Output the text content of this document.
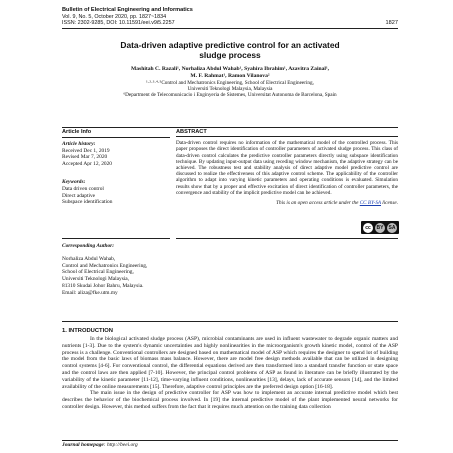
Bulletin of Electrical Engineering and Informatics
Vol. 9, No. 5, October 2020, pp. 1827~1834
ISSN: 2302-9285, DOI: 10.11591/eei.v9i5.2257	1827
Data-driven adaptive predictive control for an activated
sludge process
Mashitah C. Razali¹, Norhaliza Abdul Wahab¹, Syahira Ibrahim¹, Azavitra Zainal¹,
M. F. Rahmat¹, Ramon Vilanova²
¹·²·³·⁴·⁵Control and Mechatronics Engineering, School of Electrical Engineering,
Universiti Teknologi Malaysia, Malaysia
⁶Department de Telecomunicacio i Enginyeria de Sistemes, Universitat Autonoma de Barcelona, Spain
Article Info
Article history:
Received Dec 1, 2019
Revised Mar 7, 2020
Accepted Apr 12, 2020
Keywords:
Data driven control
Direct adaptive
Subspace identification
ABSTRACT
Data-driven control requires no information of the mathematical model of the controlled process. This paper proposes the direct identification of controller parameters of activated sludge process. This class of data-driven control calculates the predictive controller parameters directly using subspace identification technique. By updating input-output data using receding window mechanism, the adaptive strategy can be achieved. The robustness test and stability analysis of direct adaptive model predictive control are discussed to realize the effectiveness of this adaptive control scheme. The applicability of the controller algorithm to adapt into varying kinetic parameters and operating conditions is evaluated. Simulation results show that by a proper and effective excitation of direct identification of controller parameters, the convergence and stability of the implicit predictive model can be achieved.
This is an open access article under the CC BY-SA license.
cc	BY	SA
Corresponding Author:
Norhaliza Abdul Wahab,
Control and Mechatronics Engineering,
School of Electrical Engineering,
Universiti Teknologi Malaysia,
81310 Skudai Johor Bahru, Malaysia.
Email: aliza@fke.utm.my
1. INTRODUCTION

In the biological activated sludge process (ASP), microbial contaminants are used in influent wastewater to degrade organic matters and nutrients [1-3]. Due to the system's dynamic uncertainties and highly nonlinearities in the microorganism's growth kinetic model, control of the ASP process is a challenge. Conventional controllers are designed based on mathematical model of ASP which requires the designer to spend lot of building the model from the basic laws of biomass mass balance. However, there are model free design methods available that can be utilized in designing control systems [4-6]. For conventional control, the differential equations derived are then transformed into a standard transfer function or state space and the control laws are then applied [7-10]. However, the principal control problems of ASP as found in literature can be briefly illustrated by the variability of the kinetic parameter [11-12], time-varying influent conditions, nonlinearities [13], delays, lack of accurate sensors [14], and the limited availability of the online measurements [15]. Therefore, adaptive control principles are the preferred design option [16-18].

The main issue in the design of predictive controller for ASP was how to implement an accurate internal predictive model which best describes the behavior of the biochemical process involved. In [19] the internal predictive model of the plant implemented neural networks for controller design. However, this method suffers from the fact that it requires much attention on the training data collection

Journal homepage: http://beei.org
